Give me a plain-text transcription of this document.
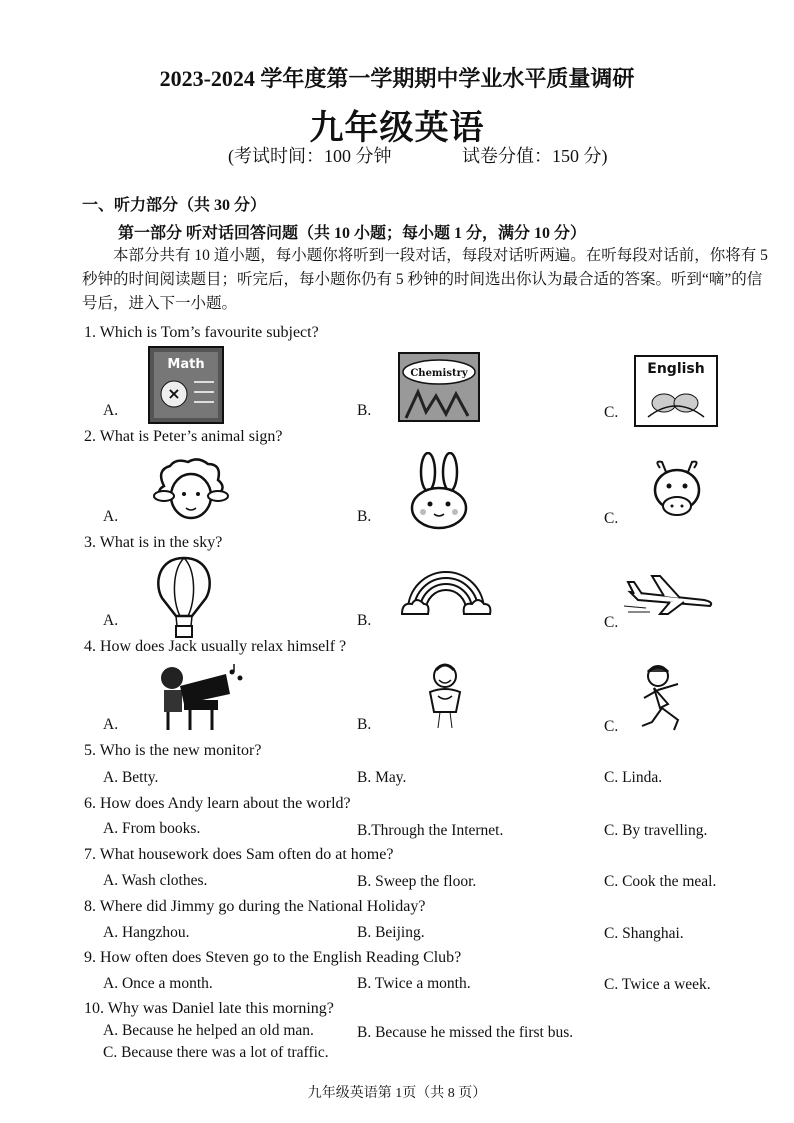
2023-2024 学年度第一学期期中学业水平质量调研
九年级英语
(考试时间：100 分钟	试卷分值：150 分)
一、听力部分（共 30 分）
第一部分 听对话回答问题（共 10 小题；每小题 1 分，满分 10 分）

本部分共有 10 道小题，每小题你将听到一段对话，每段对话听两遍。在听每段对话前，你将有 5 秒钟的时间阅读题目；听完后，每小题你仍有 5 秒钟的时间选出你认为最合适的答案。听到“嘀”的信号后，进入下一小题。

1. Which is Tom’s favourite subject?
A.	B.	C.
Math
×
Chemistry	English
2. What is Peter’s animal sign?
A.	B.	C.
3. What is in the sky?
A.	B.	C.
4. How does Jack usually relax himself ?
A.	B.	C.
5. Who is the new monitor?
A. Betty.	B. May.	C. Linda.
6. How does Andy learn about the world?
A. From books.	B.Through the Internet.	C. By travelling.
7. What housework does Sam often do at home?
A. Wash clothes.	B. Sweep the floor.	C. Cook the meal.
8. Where did Jimmy go during the National Holiday?
A. Hangzhou.	B. Beijing.	C. Shanghai.
9. How often does Steven go to the English Reading Club?
A. Once a month.	B. Twice a month.	C. Twice a week.
10. Why was Daniel late this morning?
A. Because he helped an old man.	B. Because he missed the first bus.
C. Because there was a lot of traffic.
九年级英语第 1页（共 8 页）
